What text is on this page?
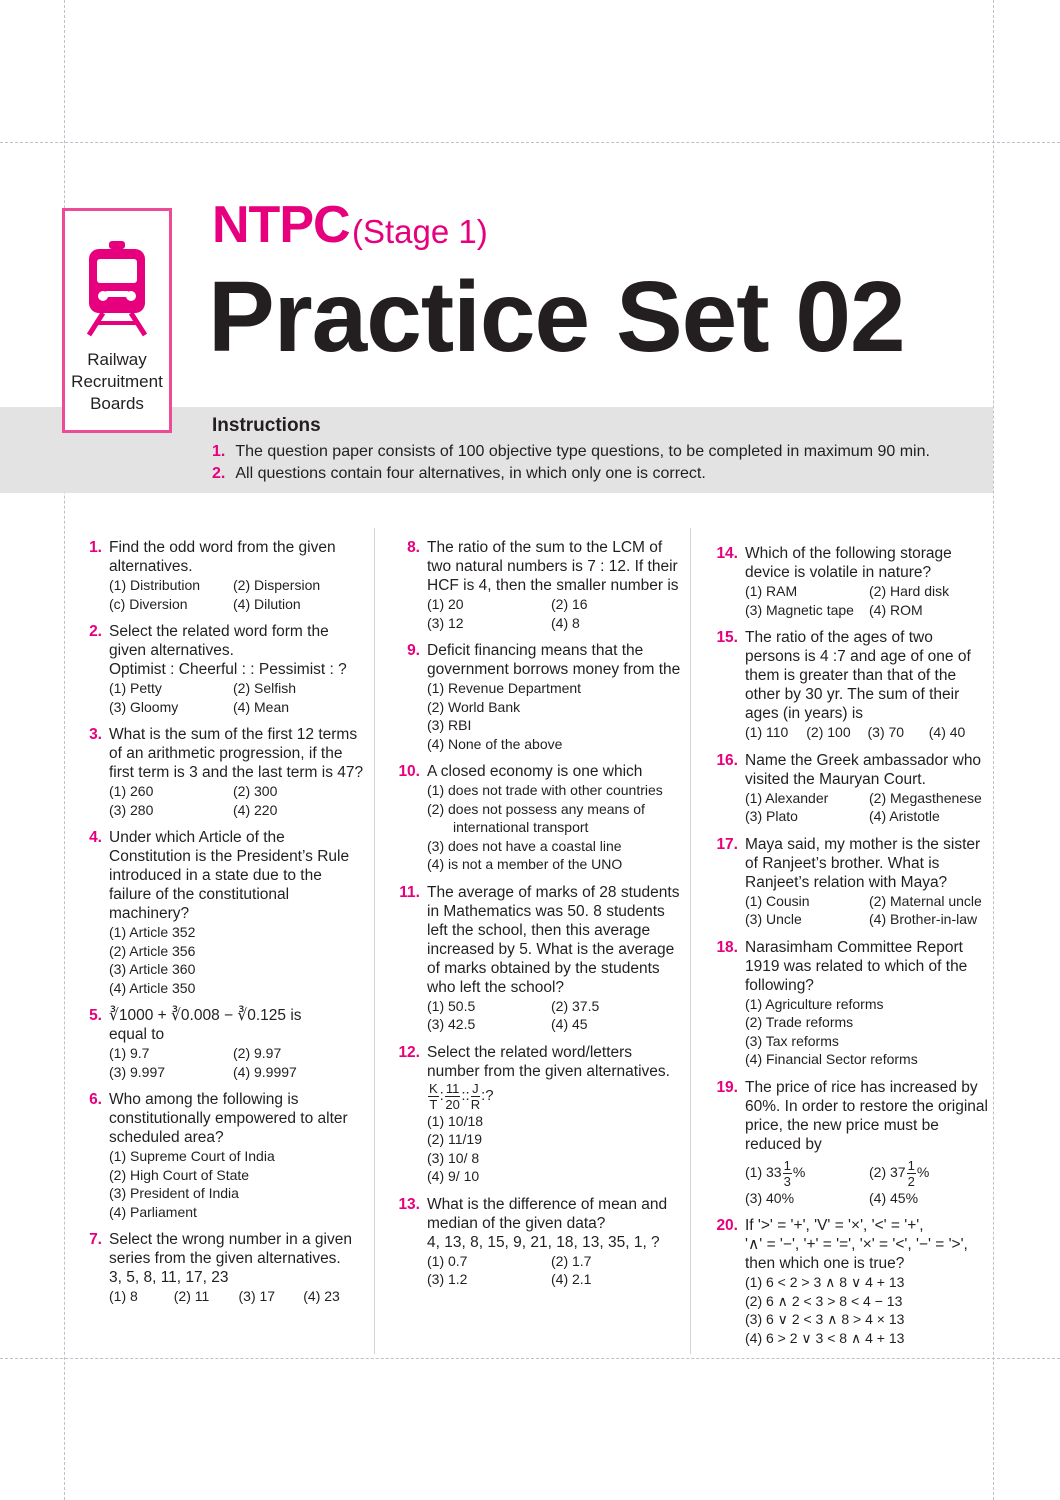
Railway
Recruitment
Boards
NTPC (Stage 1)
Practice Set 02
Instructions
1. The question paper consists of 100 objective type questions, to be completed in maximum 90 min.
2. All questions contain four alternatives, in which only one is correct.
1. Find the odd word from the given alternatives.
(1) Distribution	(2) Dispersion
(c) Diversion	(4) Dilution
2. Select the related word form the given alternatives.
Optimist : Cheerful : : Pessimist : ?
(1) Petty	(2) Selfish
(3) Gloomy	(4) Mean
3. What is the sum of the first 12 terms of an arithmetic progression, if the first term is 3 and the last term is 47?
(1) 260	(2) 300
(3) 280	(4) 220
4. Under which Article of the Constitution is the President’s Rule introduced in a state due to the failure of the constitutional machinery?
(1) Article 352
(2) Article 356
(3) Article 360
(4) Article 350
5. ∛1000 + ∛0.008 − ∛0.125 is
equal to
(1) 9.7	(2) 9.97
(3) 9.997	(4) 9.9997
6. Who among the following is constitutionally empowered to alter scheduled area?
(1) Supreme Court of India
(2) High Court of State
(3) President of India
(4) Parliament
7. Select the wrong number in a given series from the given alternatives.
3, 5, 8, 11, 17, 23
(1) 8	(2) 11	(3) 17	(4) 23
8. The ratio of the sum to the LCM of two natural numbers is 7 : 12. If their HCF is 4, then the smaller number is
(1) 20	(2) 16
(3) 12	(4) 8
9. Deficit financing means that the government borrows money from the
(1) Revenue Department
(2) World Bank
(3) RBI
(4) None of the above
10. A closed economy is one which
(1) does not trade with other countries
(2) does not possess any means of
international transport
(3) does not have a coastal line
(4) is not a member of the UNO
11. The average of marks of 28 students in Mathematics was 50. 8 students left the school, then this average increased by 5. What is the average of marks obtained by the students who left the school?
(1) 50.5	(2) 37.5
(3) 42.5	(4) 45
12. Select the related word/letters number from the given alternatives.
$\frac{K}{T}$ : $\frac{11}{20}$ :: $\frac{J}{R}$ :?
(1) 10/18
(2) 11/19
(3) 10/ 8
(4) 9/ 10
13. What is the difference of mean and median of the given data?
4, 13, 8, 15, 9, 21, 18, 13, 35, 1, ?
(1) 0.7	(2) 1.7
(3) 1.2	(4) 2.1
14. Which of the following storage device is volatile in nature?
(1) RAM	(2) Hard disk
(3) Magnetic tape	(4) ROM
15. The ratio of the ages of two persons is 4 :7 and age of one of them is greater than that of the other by 30 yr. The sum of their ages (in years) is
(1) 110	(2) 100	(3) 70	(4) 40
16. Name the Greek ambassador who visited the Mauryan Court.
(1) Alexander	(2) Megasthenese
(3) Plato	(4) Aristotle
17. Maya said, my mother is the sister of Ranjeet’s brother. What is Ranjeet’s relation with Maya?
(1) Cousin	(2) Maternal uncle
(3) Uncle	(4) Brother-in-law
18. Narasimham Committee Report 1919 was related to which of the following?
(1) Agriculture reforms
(2) Trade reforms
(3) Tax reforms
(4) Financial Sector reforms
19. The price of rice has increased by 60%. In order to restore the original price, the new price must be reduced by
(1) $33 \frac{1}{3}$ %	(2) $37 \frac{1}{2}$ %
(3) 40%	(4) 45%
20. If '>' = '+', 'V' = '×', '<' = '+',
'∧' = '−', '+' = '=', '×' = '<', '−' = '>',
then which one is true?
(1) 6 < 2 > 3 ∧ 8 ∨ 4 + 13
(2) 6 ∧ 2 < 3 > 8 < 4 − 13
(3) 6 ∨ 2 < 3 ∧ 8 > 4 × 13
(4) 6 > 2 ∨ 3 < 8 ∧ 4 + 13
